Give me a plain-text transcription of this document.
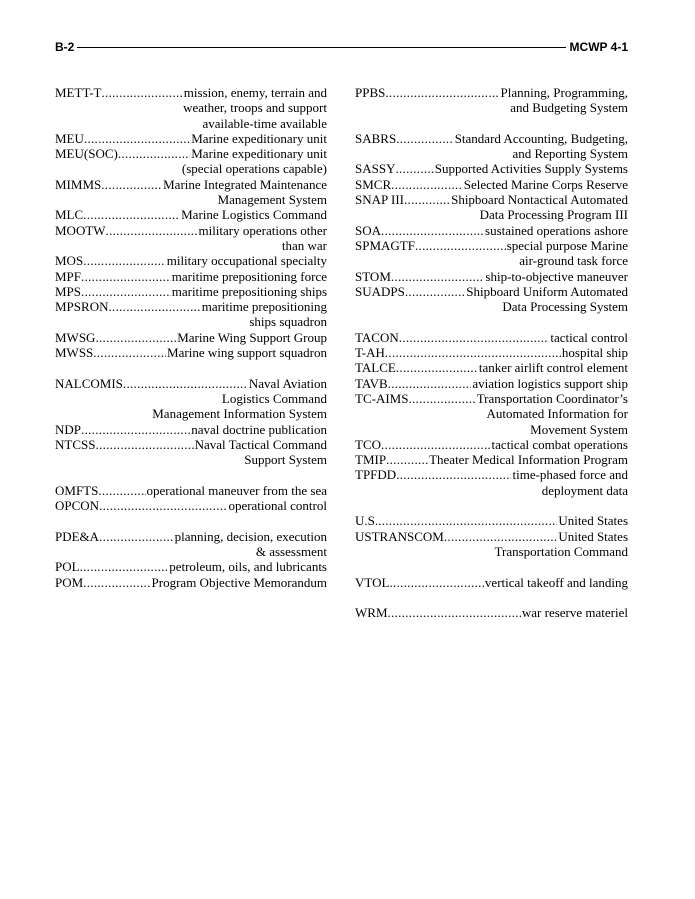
B-2	MCWP 4-1
METT-T .....	mission, enemy, terrain and
weather, troops and support
available-time available
MEU .....	Marine expeditionary unit
MEU(SOC) .....	Marine expeditionary unit
(special operations capable)
MIMMS .....	Marine Integrated Maintenance
Management System
MLC .....	Marine Logistics Command
MOOTW .....	military operations other
than war
MOS .....	military occupational specialty
MPF .....	maritime prepositioning force
MPS .....	maritime prepositioning ships
MPSRON .....	maritime prepositioning
ships squadron
MWSG .....	Marine Wing Support Group
MWSS .....	Marine wing support squadron
NALCOMIS .....	Naval Aviation
Logistics Command
Management Information System
NDP .....	naval doctrine publication
NTCSS .....	Naval Tactical Command
Support System
OMFTS .....	operational maneuver from the sea
OPCON .....	operational control
PDE&A .....	planning, decision, execution
& assessment
POL .....	petroleum, oils, and lubricants
POM .....	Program Objective Memorandum
PPBS .....	Planning, Programming,
and Budgeting System
SABRS .....	Standard Accounting, Budgeting,
and Reporting System
SASSY .....	Supported Activities Supply Systems
SMCR .....	Selected Marine Corps Reserve
SNAP III .....	Shipboard Nontactical Automated
Data Processing Program III
SOA .....	sustained operations ashore
SPMAGTF .....	special purpose Marine
air-ground task force
STOM .....	ship-to-objective maneuver
SUADPS .....	Shipboard Uniform Automated
Data Processing System
TACON .....	tactical control
T-AH .....	hospital ship
TALCE .....	tanker airlift control element
TAVB .....	aviation logistics support ship
TC-AIMS .....	Transportation Coordinator’s
Automated Information for
Movement System
TCO .....	tactical combat operations
TMIP .....	Theater Medical Information Program
TPFDD .....	time-phased force and
deployment data
U.S. .....	United States
USTRANSCOM .....	United States
Transportation Command
VTOL .....	vertical takeoff and landing
WRM .....	war reserve materiel
